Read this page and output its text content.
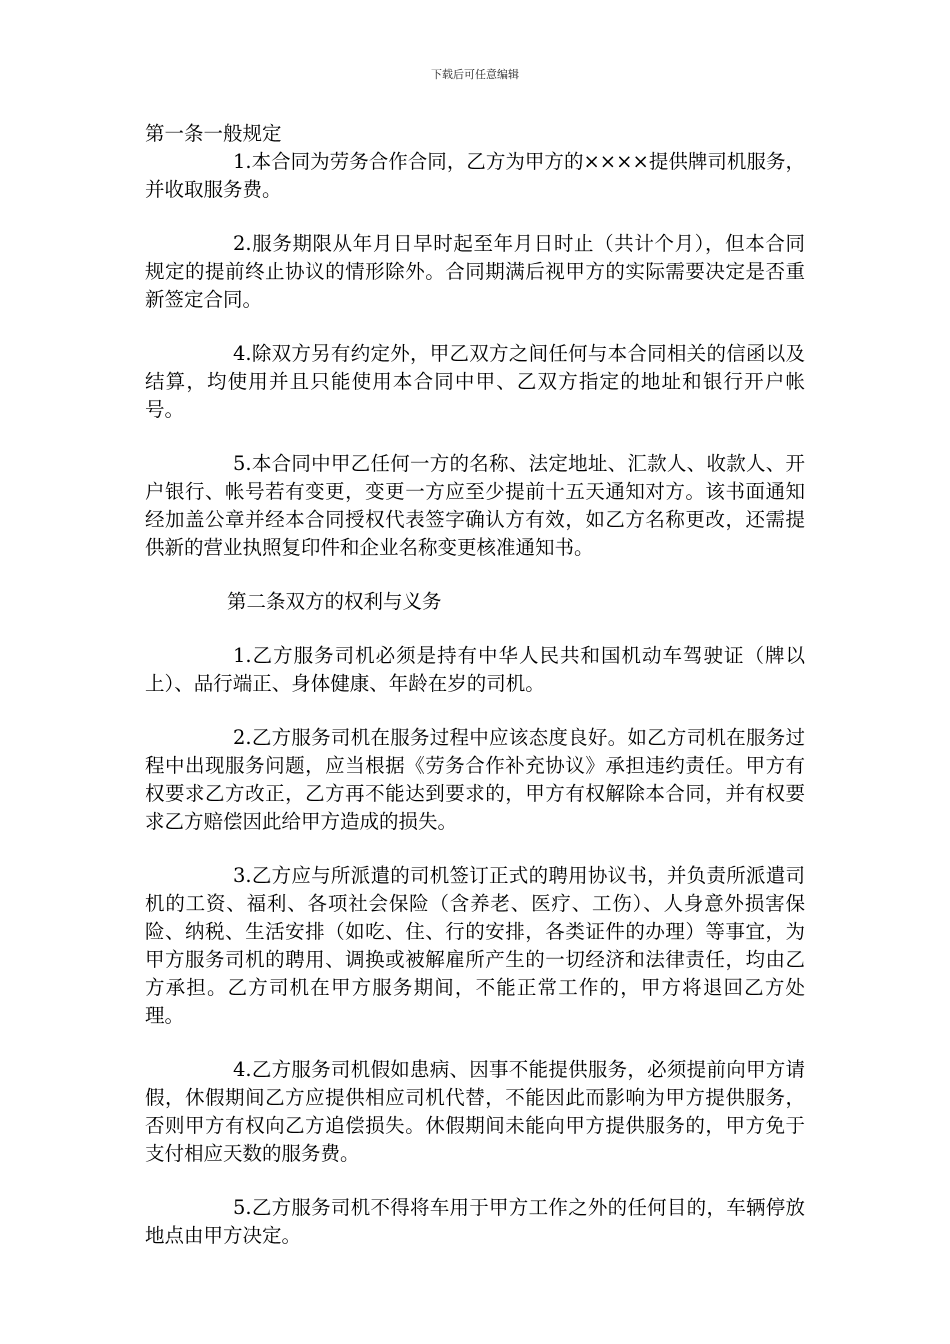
下载后可任意编辑

第一条一般规定

1.本合同为劳务合作合同，乙方为甲方的××××提供牌司机服务，并收取服务费。

2.服务期限从年月日早时起至年月日时止（共计个月），但本合同规定的提前终止协议的情形除外。合同期满后视甲方的实际需要决定是否重新签定合同。

4.除双方另有约定外，甲乙双方之间任何与本合同相关的信函以及结算，均使用并且只能使用本合同中甲、乙双方指定的地址和银行开户帐号。

5.本合同中甲乙任何一方的名称、法定地址、汇款人、收款人、开户银行、帐号若有变更，变更一方应至少提前十五天通知对方。该书面通知经加盖公章并经本合同授权代表签字确认方有效，如乙方名称更改，还需提供新的营业执照复印件和企业名称变更核准通知书。

第二条双方的权利与义务

1.乙方服务司机必须是持有中华人民共和国机动车驾驶证（牌以上）、品行端正、身体健康、年龄在岁的司机。

2.乙方服务司机在服务过程中应该态度良好。如乙方司机在服务过程中出现服务问题，应当根据《劳务合作补充协议》承担违约责任。甲方有权要求乙方改正，乙方再不能达到要求的，甲方有权解除本合同，并有权要求乙方赔偿因此给甲方造成的损失。

3.乙方应与所派遣的司机签订正式的聘用协议书，并负责所派遣司机的工资、福利、各项社会保险（含养老、医疗、工伤）、人身意外损害保险、纳税、生活安排（如吃、住、行的安排，各类证件的办理）等事宜，为甲方服务司机的聘用、调换或被解雇所产生的一切经济和法律责任，均由乙方承担。乙方司机在甲方服务期间，不能正常工作的，甲方将退回乙方处理。

4.乙方服务司机假如患病、因事不能提供服务，必须提前向甲方请假，休假期间乙方应提供相应司机代替，不能因此而影响为甲方提供服务，否则甲方有权向乙方追偿损失。休假期间未能向甲方提供服务的，甲方免于支付相应天数的服务费。

5.乙方服务司机不得将车用于甲方工作之外的任何目的，车辆停放地点由甲方决定。
